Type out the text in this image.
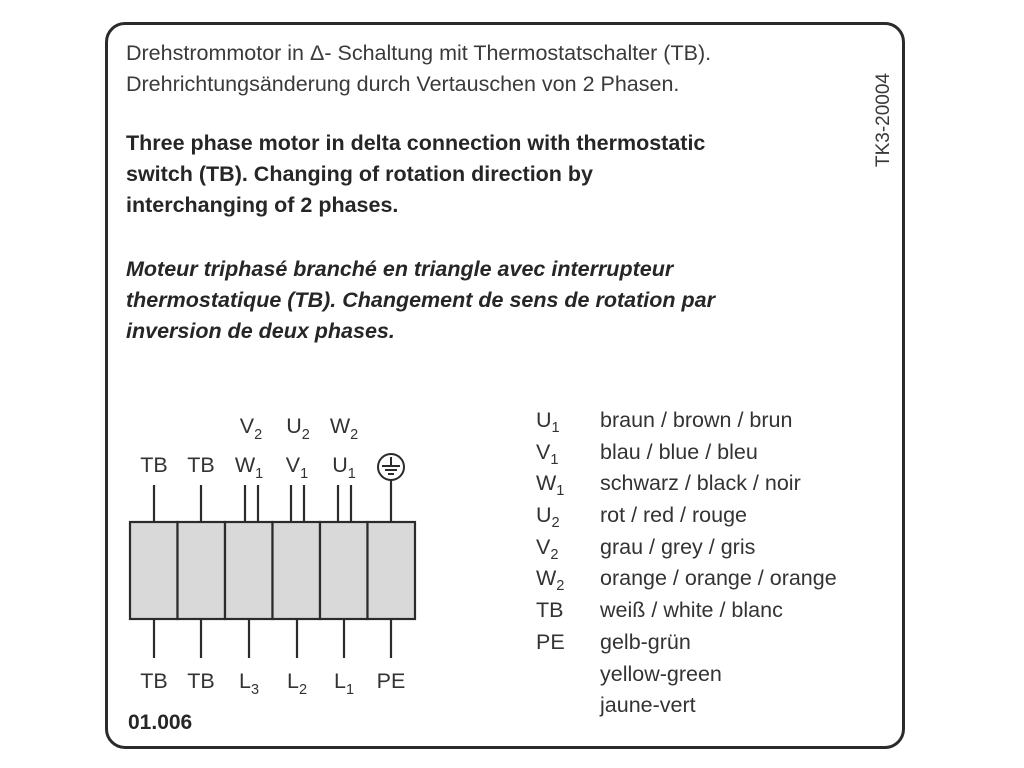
Drehstrommotor in Δ- Schaltung mit Thermostatschalter (TB).
Drehrichtungsänderung durch Vertauschen von 2 Phasen.
Three phase motor in delta connection with thermostatic
switch (TB). Changing of rotation direction by
interchanging of 2 phases.
Moteur triphasé branché en triangle avec interrupteur
thermostatique (TB). Changement de sens de rotation par
inversion de deux phases.
TK3-20004
$V_2$ $U_2$ $W_2$
TB TB $W_1$ $V_1$ $U_1$
TB TB $L_3$ $L_2$ $L_1$ PE
$U_1$	braun / brown / brun
$V_1$	blau / blue / bleu
$W_1$	schwarz / black / noir
$U_2$	rot / red / rouge
$V_2$	grau / grey / gris
$W_2$	orange / orange / orange
TB	weiß / white / blanc
PE	gelb-grün
yellow-green
jaune-vert
01.006
